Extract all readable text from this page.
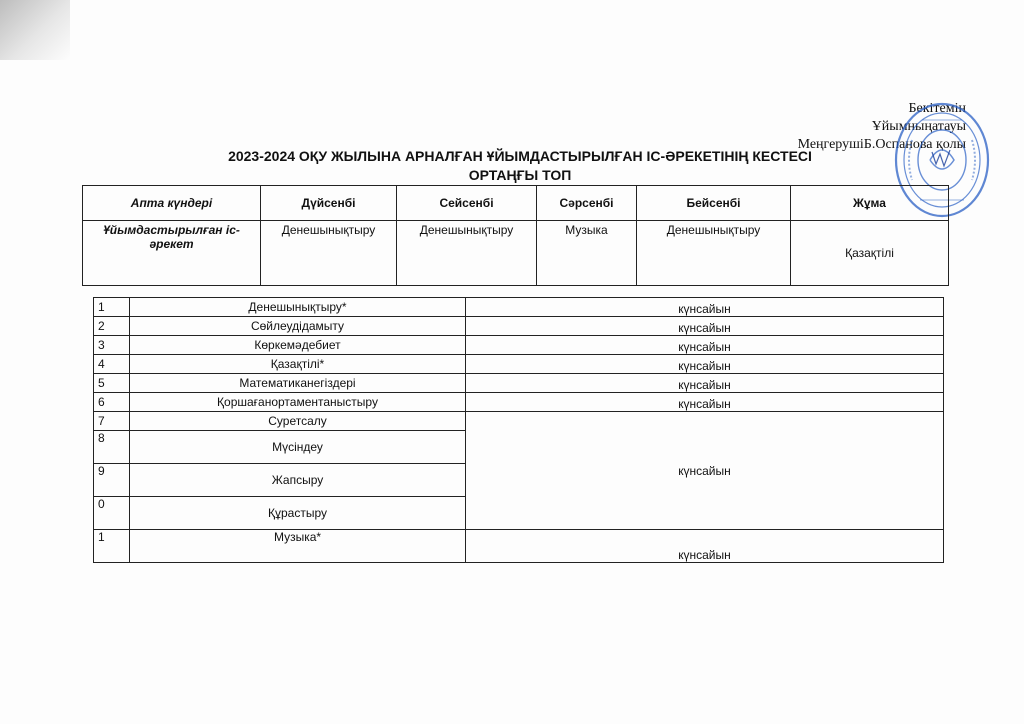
Бекітемін
Ұйымныңатауы
МеңгерушіБ.Оспанова қолы
2023-2024 ОҚУ ЖЫЛЫНА АРНАЛҒАН ҰЙЫМДАСТЫРЫЛҒАН ІС-ӘРЕКЕТІНІҢ КЕСТЕСІ
ОРТАҢҒЫ ТОП
Апта күндері	Дүйсенбі	Сейсенбі	Сәрсенбі	Бейсенбі	Жұма
Ұйымдастырылған іс-әрекет	Денешынықтыру	Денешынықтыру	Музыка	Денешынықтыру	Қазақтілі
1	Денешынықтыру*	күнсайын
2	Сөйлеудідамыту	күнсайын
3	Көркемәдебиет	күнсайын
4	Қазақтілі*	күнсайын
5	Математиканегіздері	күнсайын
6	Қоршағанортаментаныстыру	күнсайын
7	Суретсалу	күнсайын
8	Мүсіндеу	
9	Жапсыру	
0	Құрастыру	
1	Музыка*	күнсайын
